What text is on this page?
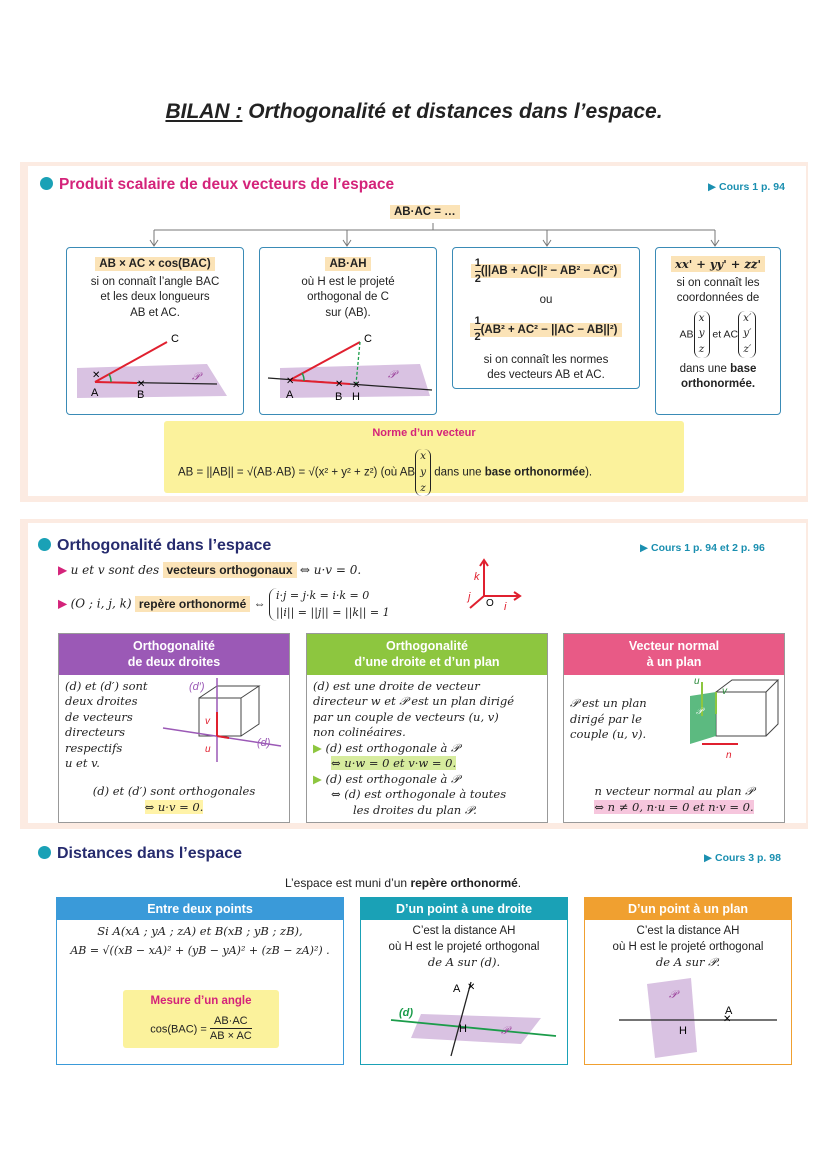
BILAN : Orthogonalité et distances dans l’espace.
Produit scalaire de deux vecteurs de l’espace	▶ Cours 1 p. 94
AB·AC = …
AB × AC × cos(BAC)
si on connaît l’angle BAC
et les deux longueurs
AB et AC.
✕
✕
A	B
C
𝒫
AB·AH
où H est le projeté
orthogonal de C
sur (AB).
✕	✕ ✕
A	B H
C
𝒫
$\frac{1}{2} (||AB + AC||^2 - AB^2 - AC^2)$
ou
$\frac{1}{2} (AB^2 + AC^2 - ||AC - AB||^2)$
si on connaît les normes
des vecteurs AB et AC.
xx' + yy' + zz'
si on connaît les
coordonnées de
ABx
y
z et ACx′
y′
z′
dans une base
orthonormée.
Norme d’un vecteur
AB = ||AB|| = √(AB·AB) = √(x² + y² + z²) (où ABx
y
z dans une base orthonormée).
Orthogonalité dans l’espace	▶ Cours 1 p. 94 et 2 p. 96
▶ u et v sont des vecteurs orthogonaux ⇔ u·v = 0.
▶ (O ; i, j, k) repère orthonormé ⇔ i·j = j·k = i·k = 0
||i|| = ||j|| = ||k|| = 1
k
j
i
O
Orthogonalité
de deux droites
(d) et (d′) sont
deux droites
de vecteurs
directeurs
respectifs
u et v.
(d′)
(d)
v
u
(d) et (d′) sont orthogonales
⇔ u·v = 0.
Orthogonalité
d’une droite et d’un plan
(d) est une droite de vecteur
directeur w et 𝒫 est un plan dirigé
par un couple de vecteurs (u, v)
non colinéaires.
▶ (d) est orthogonale à 𝒫
⇔ u·w = 0 et v·w = 0.
▶ (d) est orthogonale à 𝒫
⇔ (d) est orthogonale à toutes
les droites du plan 𝒫.
Vecteur normal
à un plan
𝒫 est un plan
dirigé par le
couple (u, v).
u
v
𝒫
n
n vecteur normal au plan 𝒫
⇔ n ≠ 0, n·u = 0 et n·v = 0.
Distances dans l’espace	▶ Cours 3 p. 98
L’espace est muni d’un repère orthonormé.
Entre deux points
Si A(xA ; yA ; zA) et B(xB ; yB ; zB),
AB = √((xB − xA)² + (yB − yA)² + (zB − zA)²) .
Mesure d’un angle
$\cos(BAC) = \frac{AB\cdot AC}{AB \times AC}$
D’un point à une droite
C’est la distance AH
où H est le projeté orthogonal
de A sur (d).
✕
A
H
(d)
𝒫
D’un point à un plan
C’est la distance AH
où H est le projeté orthogonal
de A sur 𝒫.
✕
A
H
𝒫
